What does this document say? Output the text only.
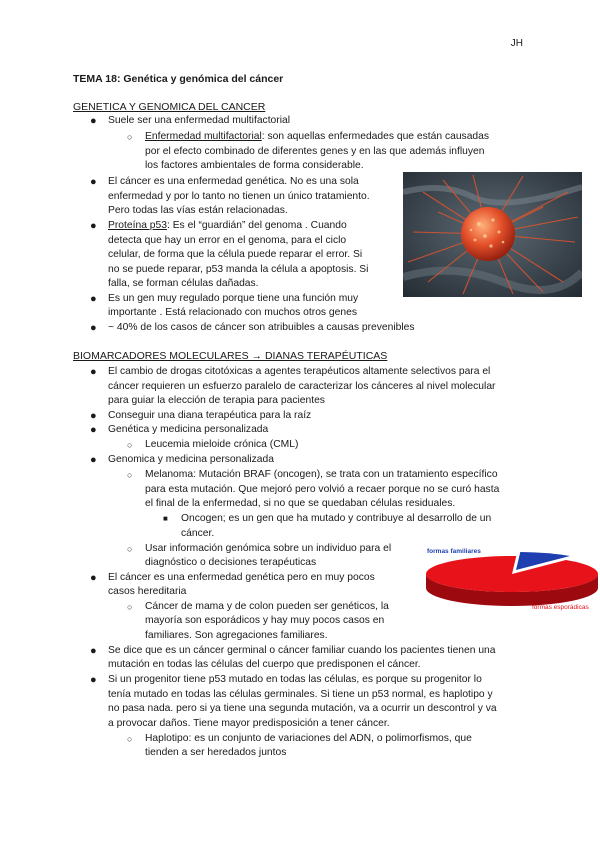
JH
TEMA 18: Genética y genómica del cáncer
GENETICA Y GENOMICA DEL CANCER
● Suele ser una enfermedad multifactorial
○ Enfermedad multifactorial: son aquellas enfermedades que están causadas
por el efecto combinado de diferentes genes y en las que además influyen
los factores ambientales de forma considerable.
● El cáncer es una enfermedad genética. No es una sola
enfermedad y por lo tanto no tienen un único tratamiento.
Pero todas las vías están relacionadas.
● Proteína p53: Es el “guardián” del genoma . Cuando
detecta que hay un error en el genoma, para el ciclo
celular, de forma que la célula puede reparar el error. Si
no se puede reparar, p53 manda la célula a apoptosis. Si
falla, se forman células dañadas.
● Es un gen muy regulado porque tiene una función muy
importante . Está relacionado con muchos otros genes
● ~ 40% de los casos de cáncer son atribuibles a causas prevenibles
BIOMARCADORES MOLECULARES → DIANAS TERAPÉUTICAS
● El cambio de drogas citotóxicas a agentes terapéuticos altamente selectivos para el
cáncer requieren un esfuerzo paralelo de caracterizar los cánceres al nivel molecular
para guiar la elección de terapia para pacientes
● Conseguir una diana terapéutica para la raíz
● Genética y medicina personalizada
○ Leucemia mieloide crónica (CML)
● Genomica y medicina personalizada
○ Melanoma: Mutación BRAF (oncogen), se trata con un tratamiento específico
para esta mutación. Que mejoró pero volvió a recaer porque no se curó hasta
el final de la enfermedad, si no que se quedaban células residuales.
■ Oncogen; es un gen que ha mutado y contribuye al desarrollo de un
cáncer.
○ Usar información genómica sobre un individuo para el
diagnóstico o decisiones terapéuticas
● El cáncer es una enfermedad genética pero en muy pocos
casos hereditaria
○ Cáncer de mama y de colon pueden ser genéticos, la
mayoría son esporádicos y hay muy pocos casos en
familiares. Son agregaciones familiares.
● Se dice que es un cáncer germinal o cáncer familiar cuando los pacientes tienen una
mutación en todas las células del cuerpo que predisponen el cáncer.
● Si un progenitor tiene p53 mutado en todas las células, es porque su progenitor lo
tenía mutado en todas las células germinales. Si tiene un p53 normal, es haplotipo y
no pasa nada. pero si ya tiene una segunda mutación, va a ocurrir un descontrol y va
a provocar daños. Tiene mayor predisposición a tener cáncer.
○ Haplotipo: es un conjunto de variaciones del ADN, o polimorfismos, que
tienden a ser heredados juntos
formas familiares
formas esporádicas
